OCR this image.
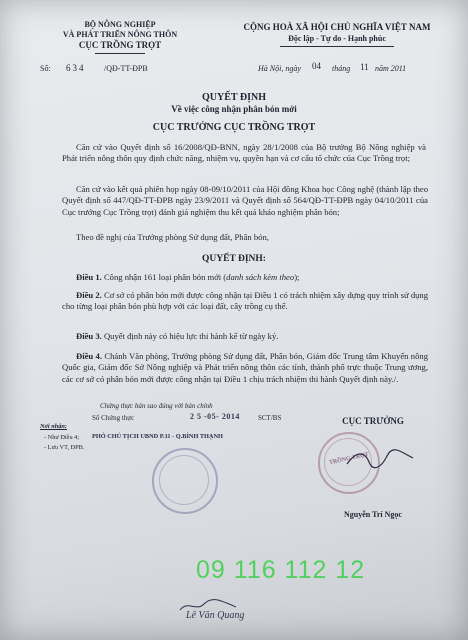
BỘ NÔNG NGHIỆP
VÀ PHÁT TRIỂN NÔNG THÔN
CỤC TRỒNG TRỌT
CỘNG HOÀ XÃ HỘI CHỦ NGHĨA VIỆT NAM
Độc lập - Tự do - Hạnh phúc
Số: 634 /QĐ-TT-ĐPB	Hà Nội, ngày 04 tháng 11 năm 2011
QUYẾT ĐỊNH
Về việc công nhận phân bón mới
CỤC TRƯỞNG CỤC TRỒNG TRỌT
Căn cứ vào Quyết định số 16/2008/QĐ-BNN, ngày 28/1/2008 của Bộ trưởng Bộ Nông nghiệp và Phát triển nông thôn quy định chức năng, nhiệm vụ, quyền hạn và cơ cấu tổ chức của Cục Trồng trọt;
Căn cứ vào kết quả phiên họp ngày 08-09/10/2011 của Hội đồng Khoa học Công nghệ (thành lập theo Quyết định số 447/QĐ-TT-ĐPB ngày 23/9/2011 và Quyết định số 564/QĐ-TT-ĐPB ngày 04/10/2011 của Cục trưởng Cục Trồng trọt) đánh giá nghiệm thu kết quả khảo nghiệm phân bón;
Theo đề nghị của Trưởng phòng Sử dụng đất, Phân bón,
QUYẾT ĐỊNH:
Điều 1. Công nhận 161 loại phân bón mới (danh sách kèm theo);
Điều 2. Cơ sở có phân bón mới được công nhận tại Điều 1 có trách nhiệm xây dựng quy trình sử dụng cho từng loại phân bón phù hợp với các loại đất, cây trồng cụ thể.
Điều 3. Quyết định này có hiệu lực thi hành kể từ ngày ký.
Điều 4. Chánh Văn phòng, Trưởng phòng Sử dụng đất, Phân bón, Giám đốc Trung tâm Khuyến nông Quốc gia, Giám đốc Sở Nông nghiệp và Phát triển nông thôn các tỉnh, thành phố trực thuộc Trung ương, các cơ sở có phân bón mới được công nhận tại Điều 1 chịu trách nhiệm thi hành Quyết định này./.
Chứng thực bản sao đúng với bản chính
Số Chứng thực	2 5 -05- 2014	SCT/BS
PHÓ CHỦ TỊCH UBND P.11 - Q.BÌNH THẠNH
Nơi nhận:
- Như Điều 4;
- Lưu VT, ĐPB.
CỤC TRƯỞNG
TRỒNG TRỌT
Nguyễn Trí Ngọc
09 116 112 12
Lê Văn Quang
